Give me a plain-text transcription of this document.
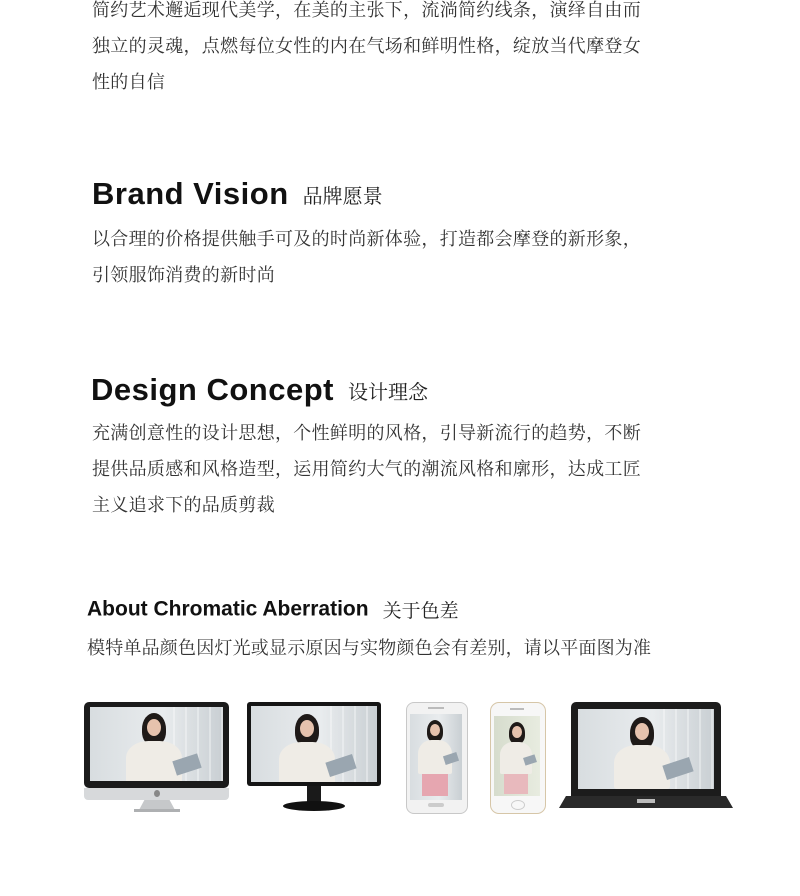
简约艺术邂逅现代美学，在美的主张下，流淌简约线条，演绎自由而
独立的灵魂，点燃每位女性的内在气场和鲜明性格，绽放当代摩登女
性的自信
Brand Vision 品牌愿景
以合理的价格提供触手可及的时尚新体验，打造都会摩登的新形象，
引领服饰消费的新时尚
Design Concept 设计理念
充满创意性的设计思想，个性鲜明的风格，引导新流行的趋势，不断
提供品质感和风格造型，运用简约大气的潮流风格和廓形，达成工匠
主义追求下的品质剪裁
About Chromatic Aberration 关于色差
模特单品颜色因灯光或显示原因与实物颜色会有差别，请以平面图为准
